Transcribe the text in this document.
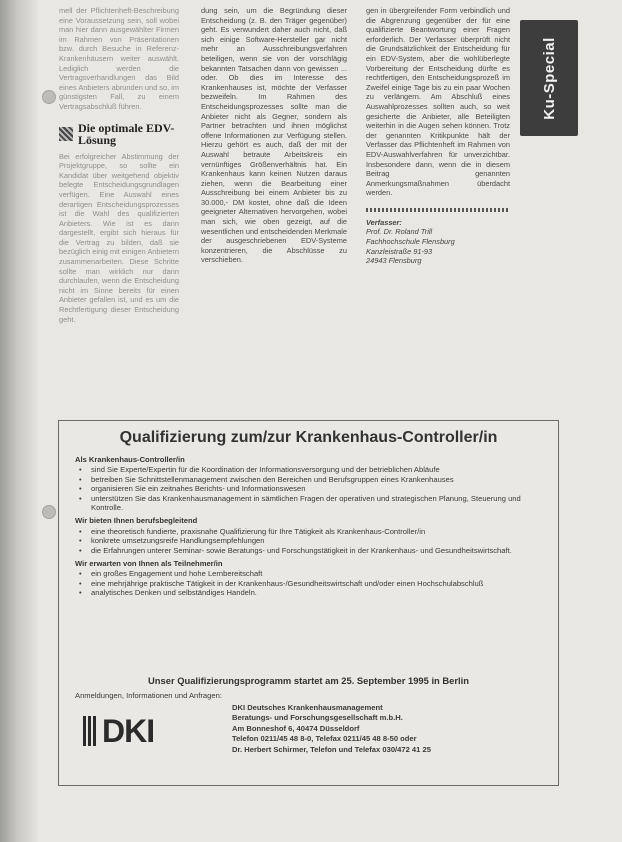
Ku-Special

mell der Pflichtenheft-Beschreibung eine Voraussetzung sein, soll wobei man hier dann ausgewählter Firmen im Rahmen von Präsentationen bzw. durch Besuche in Referenz-Krankenhäusern weiter auswählt. Lediglich werden die Vertragsverhandlungen das Bild eines Anbieters abrunden und so, im günstigsten Fall, zu einem Vertragsabschluß führen.

Die optimale EDV-Lösung

Bei erfolgreicher Abstimmung der Projektgruppe, so sollte ein Kandidat über weitgehend objektiv belegte Entscheidungsgrundlagen verfügen. Eine Auswahl eines derartigen Entscheidungsprozesses ist die Wahl des qualifizierten Anbieters. Wie ist es dann dargestellt, ergibt sich hieraus für die Vertrag zu bilden, daß sie bezüglich einig mit einigen Anbietern zusammenarbeiten. Diese Schritte sollte man wirklich nur dann durchlaufen, wenn die Entscheidung nicht im Sinne bereits für einen Anbieter gefallen ist, und es um die Rechtfertigung dieser Entscheidung geht.

dung sein, um die Begründung dieser Entscheidung (z. B. den Träger gegenüber) geht. Es verwundert daher auch nicht, daß sich einige Software-Hersteller gar nicht mehr an Ausschreibungsverfahren beteiligen, wenn sie von der vorschlägig bekannten Tatsachen dann von gewissen ... oder. Ob dies im Interesse des Krankenhauses ist, möchte der Verfasser bezweifeln. Im Rahmen des Entscheidungsprozesses sollte man die Anbieter nicht als Gegner, sondern als Partner betrachten und ihnen möglichst offene Informationen zur Verfügung stellen. Hierzu gehört es auch, daß der mit der Auswahl betraute Arbeitskreis ein vernünftiges Größenverhältnis hat. Ein Krankenhaus kann keinen Nutzen daraus ziehen, wenn die Bearbeitung einer Ausschreibung bei einem Anbieter bis zu 30.000,- DM kostet, ohne daß die Ideen geeigneter Alternativen hervorgehen, wobei man sich, wie oben gezeigt, auf die wesentlichen und entscheidenden Merkmale der ausgeschriebenen EDV-Systeme konzentrieren, die Abschlüsse zu verschieben.

gen in übergreifender Form verbindlich und die Abgrenzung gegenüber der für eine qualifizierte Beantwortung einer Fragen erforderlich. Der Verfasser überprüft nicht die Grundsätzlichkeit der Entscheidung für ein EDV-System, aber die wohlüberlegte Vorbereitung der Entscheidung dürfte es rechtfertigen, den Entscheidungsprozeß im Zweifel einige Tage bis zu ein paar Wochen zu verlängern. Am Abschluß eines Auswahlprozesses sollten auch, so weit gesicherte die Anbieter, alle Beteiligten weiterhin in die Augen sehen können. Trotz der genannten Kritikpunkte hält der Verfasser das Pflichtenheft im Rahmen von EDV-Auswahlverfahren für unverzichtbar. Insbesondere dann, wenn die in diesem Beitrag genannten Anmerkungsmaßnahmen überdacht werden.

Verfasser:
Prof. Dr. Roland Trill
Fachhochschule Flensburg
Kanzleistraße 91-93
24943 Flensburg
Qualifizierung zum/zur Krankenhaus-Controller/in
Als Krankenhaus-Controller/in
• sind Sie Experte/Expertin für die Koordination der Informationsversorgung und der betrieblichen Abläufe
• betreiben Sie Schnittstellenmanagement zwischen den Bereichen und Berufsgruppen eines Krankenhauses
• organisieren Sie ein zeitnahes Berichts- und Informationswesen
• unterstützen Sie das Krankenhausmanagement in sämtlichen Fragen der operativen und strategischen Planung, Steuerung und Kontrolle.
Wir bieten Ihnen berufsbegleitend
• eine theoretisch fundierte, praxisnahe Qualifizierung für Ihre Tätigkeit als Krankenhaus-Controller/in
• konkrete umsetzungsreife Handlungsempfehlungen
• die Erfahrungen unterer Seminar- sowie Beratungs- und Forschungstätigkeit in der Krankenhaus- und Gesundheitswirtschaft.
Wir erwarten von Ihnen als Teilnehmer/in
• ein großes Engagement und hohe Lernbereitschaft
• eine mehrjährige praktische Tätigkeit in der Krankenhaus-/Gesundheitswirtschaft und/oder einen Hochschulabschluß
• analytisches Denken und selbständiges Handeln.
Unser Qualifizierungsprogramm startet am 25. September 1995 in Berlin
Anmeldungen, Informationen und Anfragen:
DKI
DKI Deutsches Krankenhausmanagement
Beratungs- und Forschungsgesellschaft m.b.H.
Am Bonneshof 6, 40474 Düsseldorf
Telefon 0211/45 48 8-0, Telefax 0211/45 48 8-50 oder
Dr. Herbert Schirmer, Telefon und Telefax 030/472 41 25
